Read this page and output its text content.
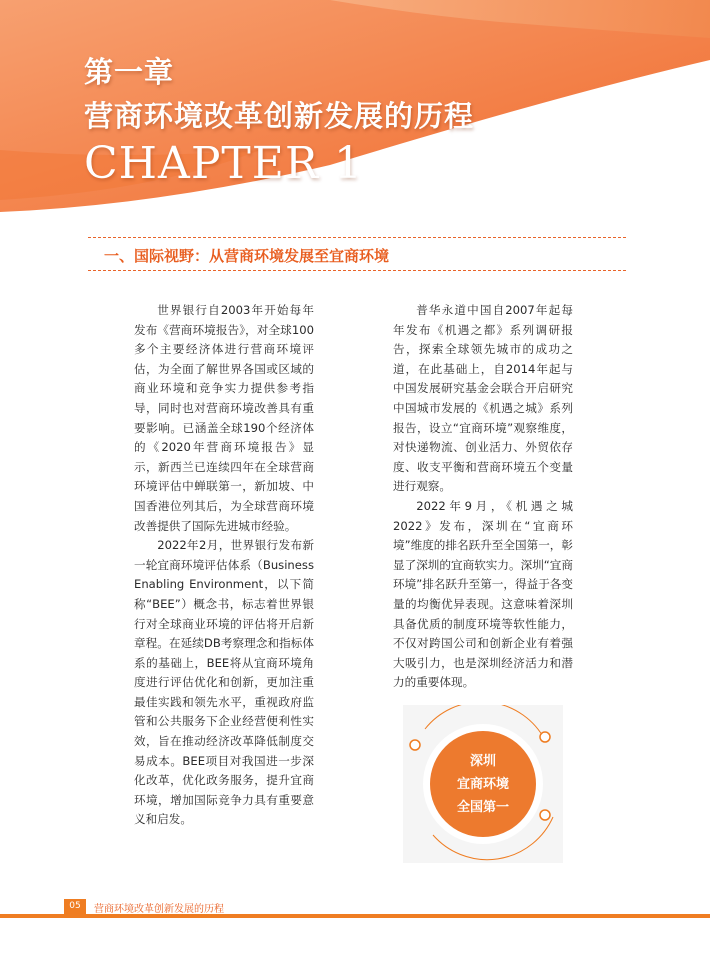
第一章
营商环境改革创新发展的历程
CHAPTER 1
一、国际视野：从营商环境发展至宜商环境

世界银行自2003年开始每年发布《营商环境报告》，对全球100多个主要经济体进行营商环境评估，为全面了解世界各国或区域的商业环境和竞争实力提供参考指导，同时也对营商环境改善具有重要影响。已涵盖全球190个经济体的《2020年营商环境报告》显示，新西兰已连续四年在全球营商环境评估中蝉联第一，新加坡、中国香港位列其后，为全球营商环境改善提供了国际先进城市经验。

2022年2月，世界银行发布新一轮宜商环境评估体系（Business Enabling Environment，以下简称“BEE”）概念书，标志着世界银行对全球商业环境的评估将开启新章程。在延续DB考察理念和指标体系的基础上，BEE将从宜商环境角度进行评估优化和创新，更加注重最佳实践和领先水平，重视政府监管和公共服务下企业经营便利性实效，旨在推动经济改革降低制度交易成本。BEE项目对我国进一步深化改革，优化政务服务，提升宜商环境，增加国际竞争力具有重要意义和启发。

普华永道中国自2007年起每年发布《机遇之都》系列调研报告，探索全球领先城市的成功之道，在此基础上，自2014年起与中国发展研究基金会联合开启研究中国城市发展的《机遇之城》系列报告，设立“宜商环境”观察维度，对快递物流、创业活力、外贸依存度、收支平衡和营商环境五个变量进行观察。

2022年9月，《机遇之城2022》发布，深圳在“宜商环境”维度的排名跃升至全国第一，彰显了深圳的宜商软实力。深圳“宜商环境”排名跃升至第一，得益于各变量的均衡优异表现。这意味着深圳具备优质的制度环境等软性能力，不仅对跨国公司和创新企业有着强大吸引力，也是深圳经济活力和潜力的重要体现。

深圳
宜商环境
全国第一
05	营商环境改革创新发展的历程
